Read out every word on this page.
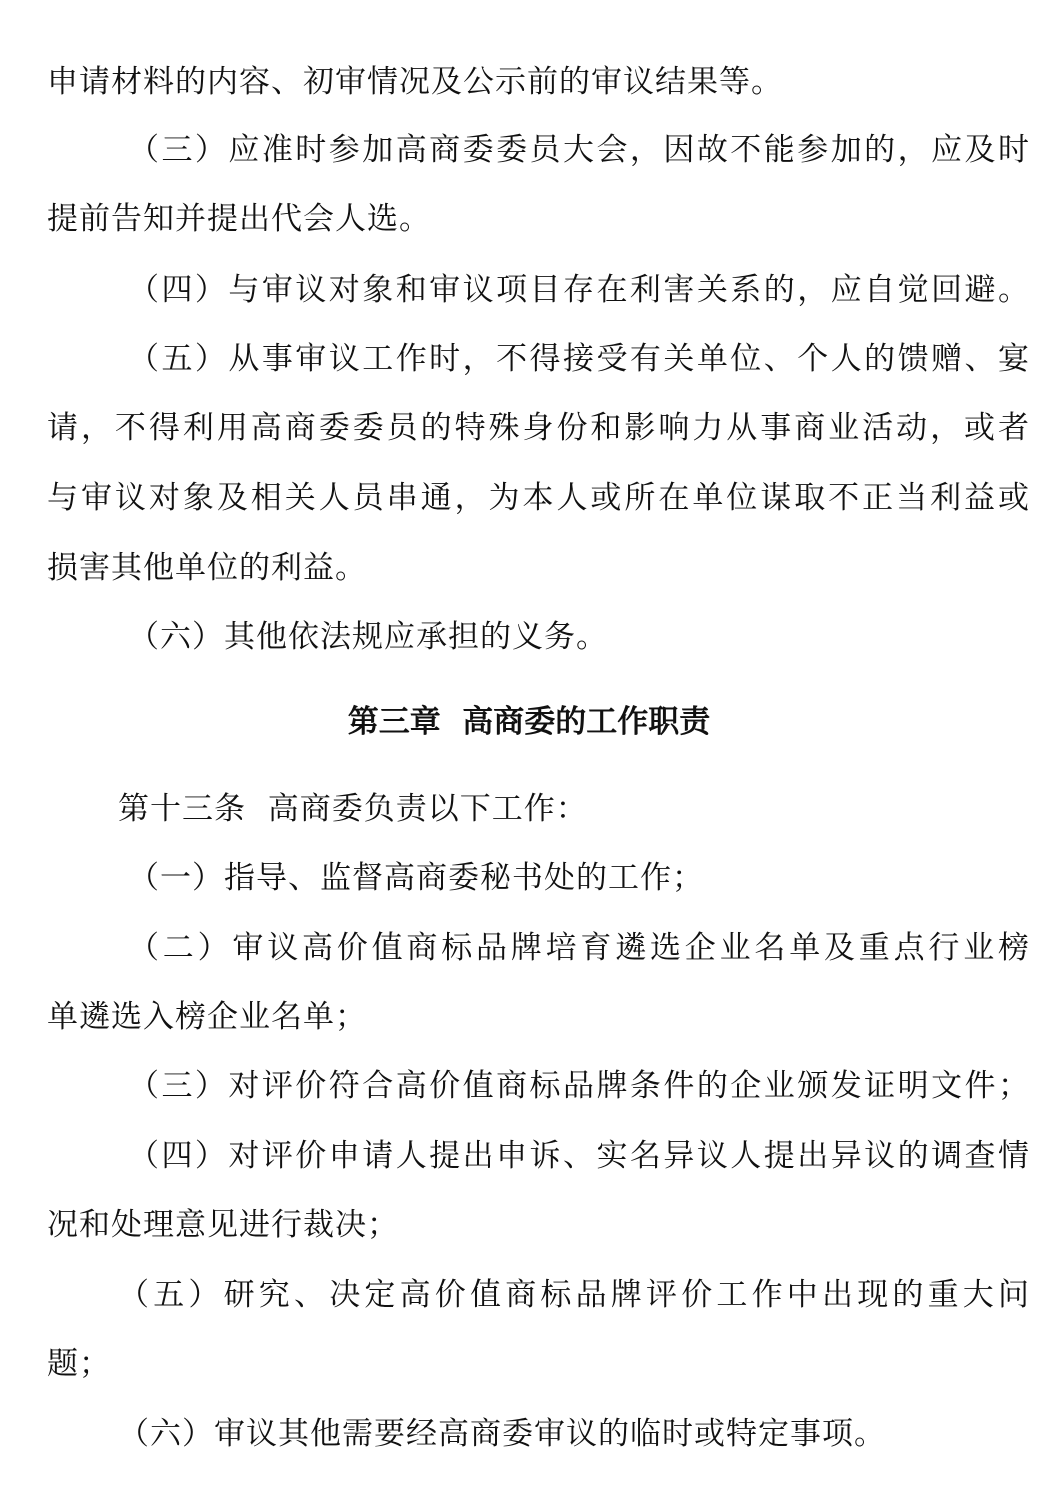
申请材料的内容、初审情况及公示前的审议结果等。
（三）应准时参加高商委委员大会，因故不能参加的，应及时
提前告知并提出代会人选。
（四）与审议对象和审议项目存在利害关系的，应自觉回避。
（五）从事审议工作时，不得接受有关单位、个人的馈赠、宴
请，不得利用高商委委员的特殊身份和影响力从事商业活动，或者
与审议对象及相关人员串通，为本人或所在单位谋取不正当利益或
损害其他单位的利益。
（六）其他依法规应承担的义务。
第三章  高商委的工作职责
第十三条  高商委负责以下工作：
（一）指导、监督高商委秘书处的工作；
（二）审议高价值商标品牌培育遴选企业名单及重点行业榜
单遴选入榜企业名单；
（三）对评价符合高价值商标品牌条件的企业颁发证明文件；
（四）对评价申请人提出申诉、实名异议人提出异议的调查情
况和处理意见进行裁决；
（五）研究、决定高价值商标品牌评价工作中出现的重大问
题；
（六）审议其他需要经高商委审议的临时或特定事项。
